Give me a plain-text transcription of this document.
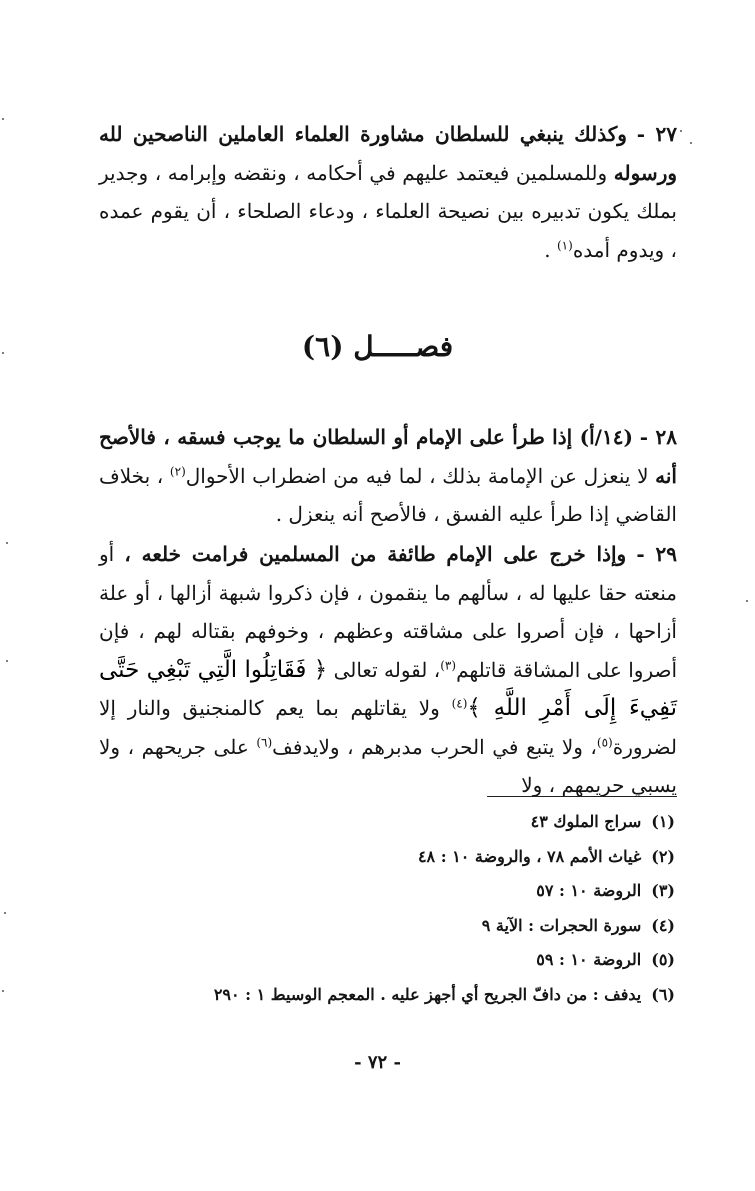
٢٧ - وكذلك ينبغي للسلطان مشاورة العلماء العاملين الناصحين لله ورسوله وللمسلمين فيعتمد عليهم في أحكامه ، ونقضه وإبرامه ، وجدير بملك يكون تدبيره بين نصيحة العلماء ، ودعاء الصلحاء ، أن يقوم عمده ، ويدوم أمده$^{(١)}$ .
فصـــــل (٦)
٢٨ - (١٤/أ) إذا طرأ على الإمام أو السلطان ما يوجب فسقه ، فالأصح أنه لا ينعزل عن الإمامة بذلك ، لما فيه من اضطراب الأحوال$^{(٢)}$ ، بخلاف القاضي إذا طرأ عليه الفسق ، فالأصح أنه ينعزل .
٢٩ - وإذا خرج على الإمام طائفة من المسلمين فرامت خلعه ، أو منعته حقا عليها له ، سألهم ما ينقمون ، فإن ذكروا شبهة أزالها ، أو علة أزاحها ، فإن أصروا على مشاقته وعظهم ، وخوفهم بقتاله لهم ، فإن أصروا على المشاقة قاتلهم$^{(٣)}$، لقوله تعالى ﴿ فَقَاتِلُوا الَّتِي تَبْغِي حَتَّى تَفِيءَ إِلَى أَمْرِ اللَّهِ ﴾$^{(٤)}$ ولا يقاتلهم بما يعم كالمنجنيق والنار إلا لضرورة$^{(٥)}$، ولا يتبع في الحرب مدبرهم ، ولايدفف$^{(٦)}$ على جريحهم ، ولا يسبي حريمهم ، ولا
(١)سراج الملوك ٤٣
(٢)غياث الأمم ٧٨ ، والروضة ١٠ : ٤٨
(٣)الروضة ١٠ : ٥٧
(٤)سورة الحجرات : الآية ٩
(٥)الروضة ١٠ : ٥٩
(٦)يدفف : من دافّ الجريح أي أجهز عليه . المعجم الوسيط ١ : ٢٩٠
- ٧٢ -
